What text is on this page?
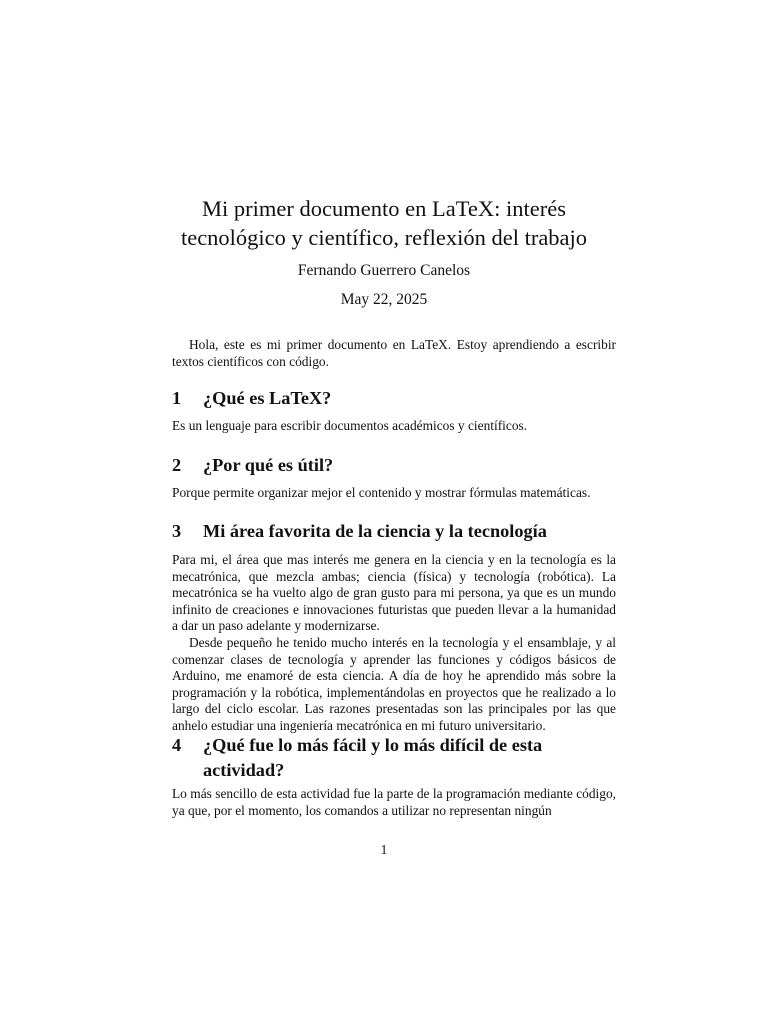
Mi primer documento en LaTeX: interés
tecnológico y científico, reflexión del trabajo
Fernando Guerrero Canelos
May 22, 2025

Hola, este es mi primer documento en LaTeX. Estoy aprendiendo a escribir textos científicos con código.

1 ¿Qué es LaTeX?

Es un lenguaje para escribir documentos académicos y científicos.

2 ¿Por qué es útil?

Porque permite organizar mejor el contenido y mostrar fórmulas matemáticas.

3 Mi área favorita de la ciencia y la tecnología

Para mi, el área que mas interés me genera en la ciencia y en la tecnología es la mecatrónica, que mezcla ambas; ciencia (física) y tecnología (robótica). La mecatrónica se ha vuelto algo de gran gusto para mi persona, ya que es un mundo infinito de creaciones e innovaciones futuristas que pueden llevar a la humanidad a dar un paso adelante y modernizarse.

Desde pequeño he tenido mucho interés en la tecnología y el ensamblaje, y al comenzar clases de tecnología y aprender las funciones y códigos básicos de Arduino, me enamoré de esta ciencia. A día de hoy he aprendido más sobre la programación y la robótica, implementándolas en proyectos que he realizado a lo largo del ciclo escolar. Las razones presentadas son las principales por las que anhelo estudiar una ingeniería mecatrónica en mi futuro universitario.

4 ¿Qué fue lo más fácil y lo más difícil de esta actividad?

Lo más sencillo de esta actividad fue la parte de la programación mediante código, ya que, por el momento, los comandos a utilizar no representan ningún

1
